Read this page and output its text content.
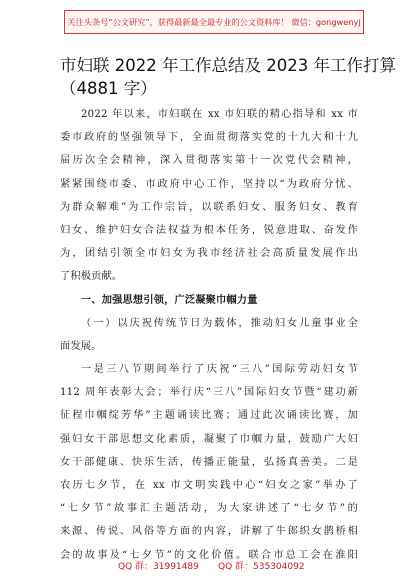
关注头条号“公文研究”，获得最新最全最专业的公文资料库！ 微信：gongwenyj
市妇联 2022 年工作总结及 2023 年工作打算
（4881 字）
2022 年以来，市妇联在 xx 市妇联的精心指导和 xx 市
委市政府的坚强领导下，全面贯彻落实党的十九大和十九
届历次全会精神，深入贯彻落实第十一次党代会精神，
紧紧围绕市委、市政府中心工作，坚持以“为政府分忧、
为群众解难”为工作宗旨，以联系妇女、服务妇女、教育
妇女、维护妇女合法权益为根本任务，锐意进取、奋发作
为，团结引领全市妇女为我市经济社会高质量发展作出
了积极贡献。
一、加强思想引领，广泛凝聚巾帼力量
（一）以庆祝传统节日为载体，推动妇女儿童事业全
面发展。
一是三八节期间举行了庆祝“三八”国际劳动妇女节
112 周年表彰大会；举行庆“三八”国际妇女节暨“建功新
征程巾帼绽芳华”主题诵读比赛；通过此次诵读比赛，加
强妇女干部思想文化素质，凝聚了巾帼力量，鼓励广大妇
女干部健康、快乐生活，传播正能量，弘扬真善美。二是
农历七夕节，在 xx 市文明实践中心“妇女之家”举办了
“七夕节”故事汇主题活动，为大家讲述了“七夕节”的
来源、传说、风俗等方面的内容，讲解了牛郎织女鹊桥相
会的故事及“七夕节”的文化价值。联合市总工会在淮阳
QQ 群：31991489 QQ 群：535304092
